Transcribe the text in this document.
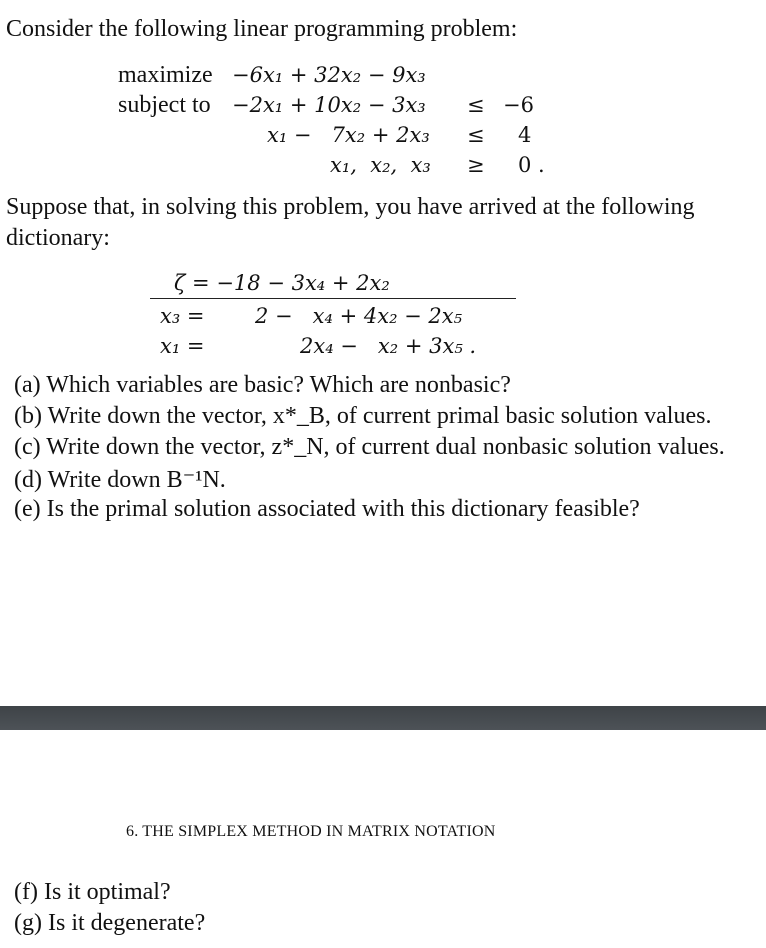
Consider the following linear programming problem:
maximize −6x₁ + 32x₂ − 9x₃
subject to −2x₁ + 10x₂ − 3x₃ ≤ −6
x₁ −   7x₂ + 2x₃ ≤ 4
x₁,  x₂,  x₃ ≥ 0 .
Suppose that, in solving this problem, you have arrived at the following
dictionary:
ζ = −18 − 3x₄ + 2x₂
x₃ = 2 −   x₄ + 4x₂ − 2x₅
x₁ =	2x₄ −   x₂ + 3x₅ .
(a) Which variables are basic? Which are nonbasic?
(b) Write down the vector, x*_B, of current primal basic solution values.
(c) Write down the vector, z*_N, of current dual nonbasic solution values.
(d) Write down B⁻¹N.
(e) Is the primal solution associated with this dictionary feasible?
6. THE SIMPLEX METHOD IN MATRIX NOTATION
(f) Is it optimal?
(g) Is it degenerate?
